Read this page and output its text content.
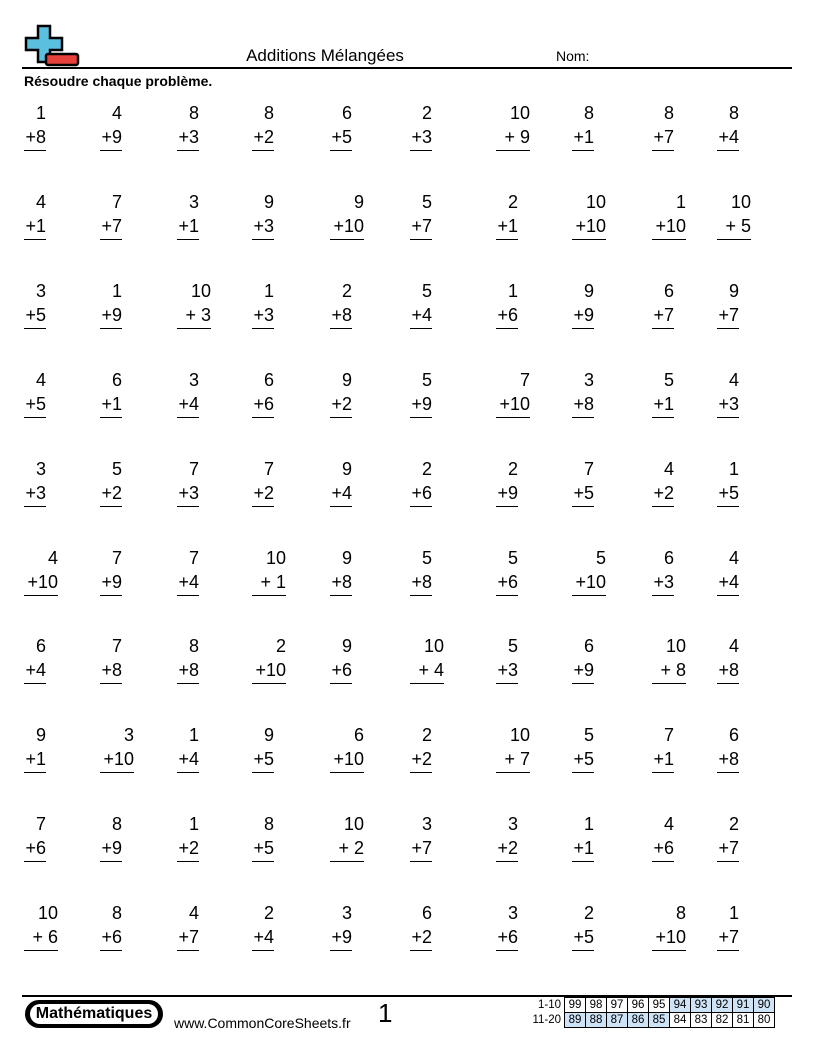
Additions Mélangées	Nom:
Résoudre chaque problème.
1
+8
4
+9
8
+3
8
+2
6
+5
2
+3
10
+ 9
8
+1
8
+7
8
+4
4
+1
7
+7
3
+1
9
+3
9
+10
5
+7
2
+1
10
+10
1
+10
10
+ 5
3
+5
1
+9
10
+ 3
1
+3
2
+8
5
+4
1
+6
9
+9
6
+7
9
+7
4
+5
6
+1
3
+4
6
+6
9
+2
5
+9
7
+10
3
+8
5
+1
4
+3
3
+3
5
+2
7
+3
7
+2
9
+4
2
+6
2
+9
7
+5
4
+2
1
+5
4
+10
7
+9
7
+4
10
+ 1
9
+8
5
+8
5
+6
5
+10
6
+3
4
+4
6
+4
7
+8
8
+8
2
+10
9
+6
10
+ 4
5
+3
6
+9
10
+ 8
4
+8
9
+1
3
+10
1
+4
9
+5
6
+10
2
+2
10
+ 7
5
+5
7
+1
6
+8
7
+6
8
+9
1
+2
8
+5
10
+ 2
3
+7
3
+2
1
+1
4
+6
2
+7
10
+ 6
8
+6
4
+7
2
+4
3
+9
6
+2
3
+6
2
+5
8
+10
1
+7
Mathématiques
www.CommonCoreSheets.fr 1	1-10	99	98	97	96	95	94	93	92	91	90
11-20	89	88	87	86	85	84	83	82	81	80
